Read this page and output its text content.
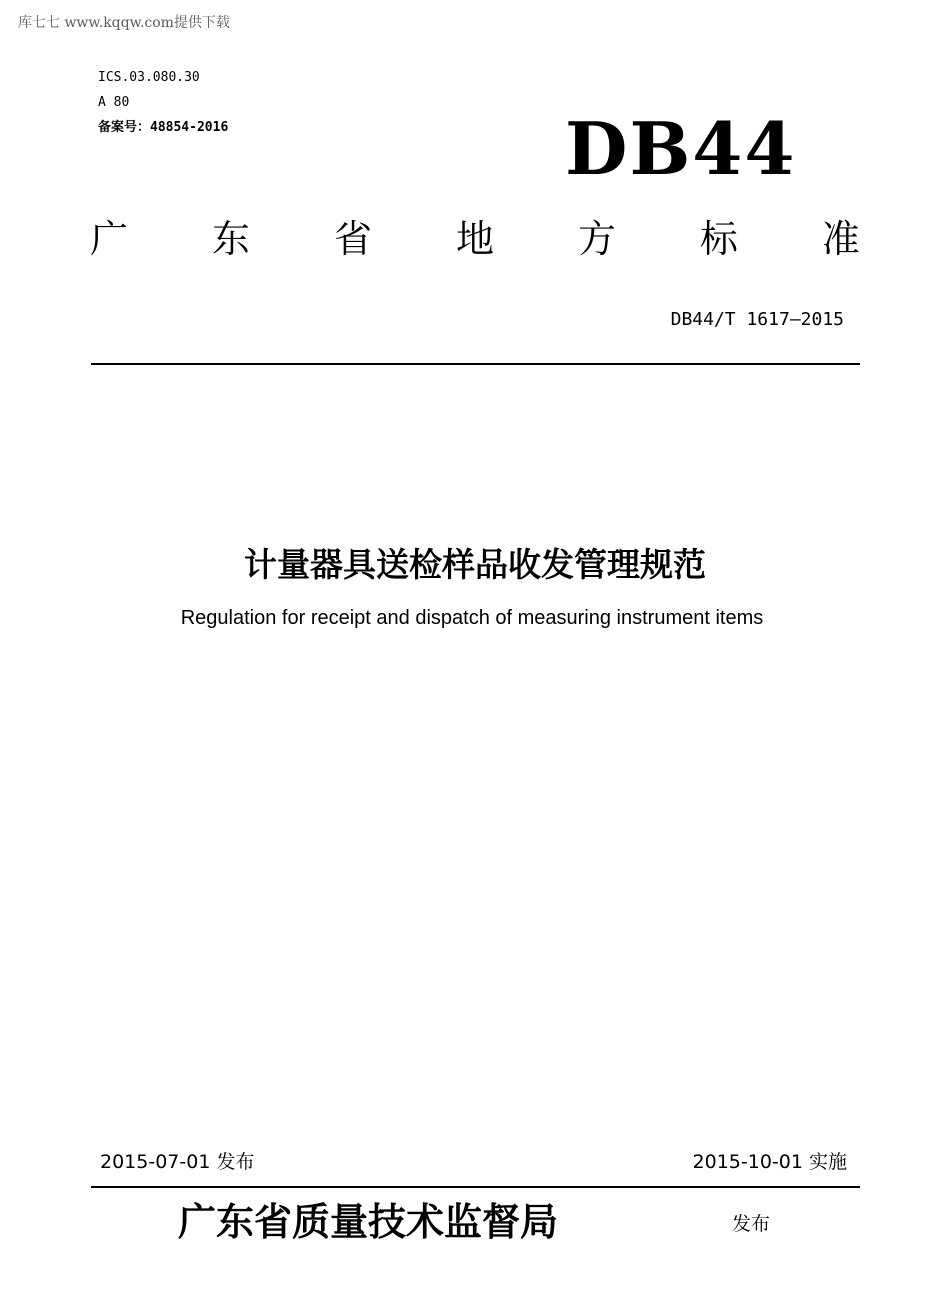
库七七 www.kqqw.com提供下载
ICS.03.080.30
A 80
备案号：48854-2016	DB44
广 东 省 地 方 标 准
DB44/T 1617—2015
计量器具送检样品收发管理规范
Regulation for receipt and dispatch of measuring instrument items
2015-07-01 发布	2015-10-01 实施
广东省质量技术监督局	发布
